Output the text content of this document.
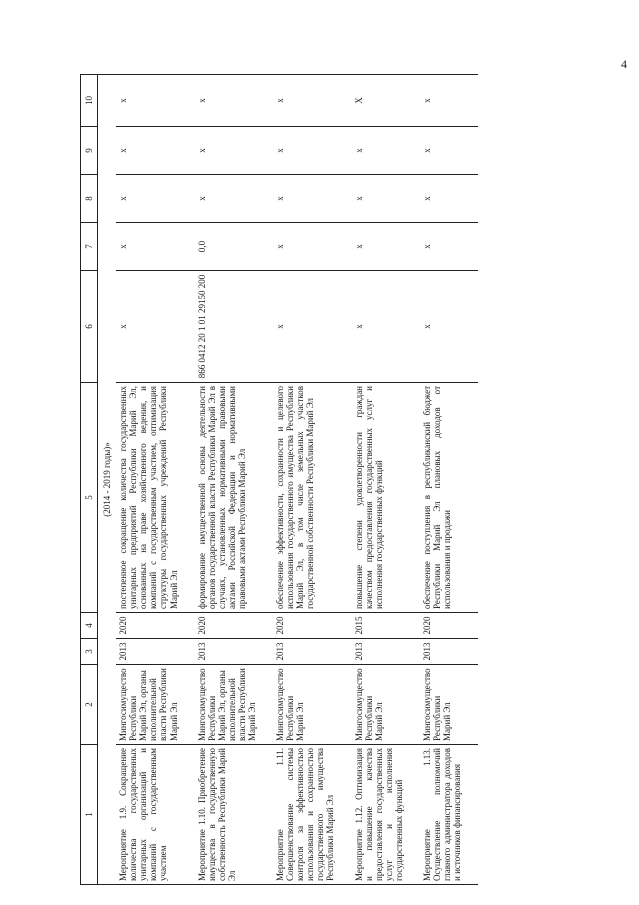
4
1	2	3	4	5	6	7	8	9	10
(2014 - 2019 годы)»									
Мероприятие 1.9. Сокращение количества государственных унитарных организаций и компаний с государственным участием	Мингосимущество Республики Марий Эл, органы исполнительной власти Республики Марий Эл	2013	2020	постепенное сокращение количества государственных унитарных предприятий Республики Марий Эл, основанных на праве хозяйственного ведения, и компаний с государственным участием, оптимизация структуры государственных учреждений Республики Марий Эл	х	х	х	х	х
Мероприятие 1.10. Приобретение имущества в государственную собственность Республики Марий Эл	Мингосимущество Республики Марий Эл, органы исполнительной власти Республики Марий Эл	2013	2020	формирование имущественной основы деятельности органов государственной власти Республики Марий Эл в случаях, установленных нормативными правовыми актами Российской Федерации и нормативными правовыми актами Республики Марий Эл	866 0412 20 1 01 29150 200	0,0	х	х	х
Мероприятие 1.11. Совершенствование системы контроля за эффективностью использования и сохранностью государственного имущества Республики Марий Эл	Мингосимущество Республики Марий Эл	2013	2020	обеспечение эффективности, сохранности и целевого использования государственного имущества Республики Марий Эл, в том числе земельных участков государственной собственности Республики Марий Эл	х	х	х	х	х
Мероприятие 1.12. Оптимизация и повышение качества предоставления государственных услуг и исполнения государственных функций	Мингосимущество Республики Марий Эл	2013	2015	повышение степени удовлетворенности граждан качеством предоставления государственных услуг и исполнения государственных функций	х	х	х	х	Х
Мероприятие 1.13. Осуществление полномочий главного администратора доходов и источников финансирования	Мингосимущество Республики Марий Эл	2013	2020	обеспечение поступления в республиканский бюджет Республики Марий Эл плановых доходов от использования и продажи	х	х	х	х	х
